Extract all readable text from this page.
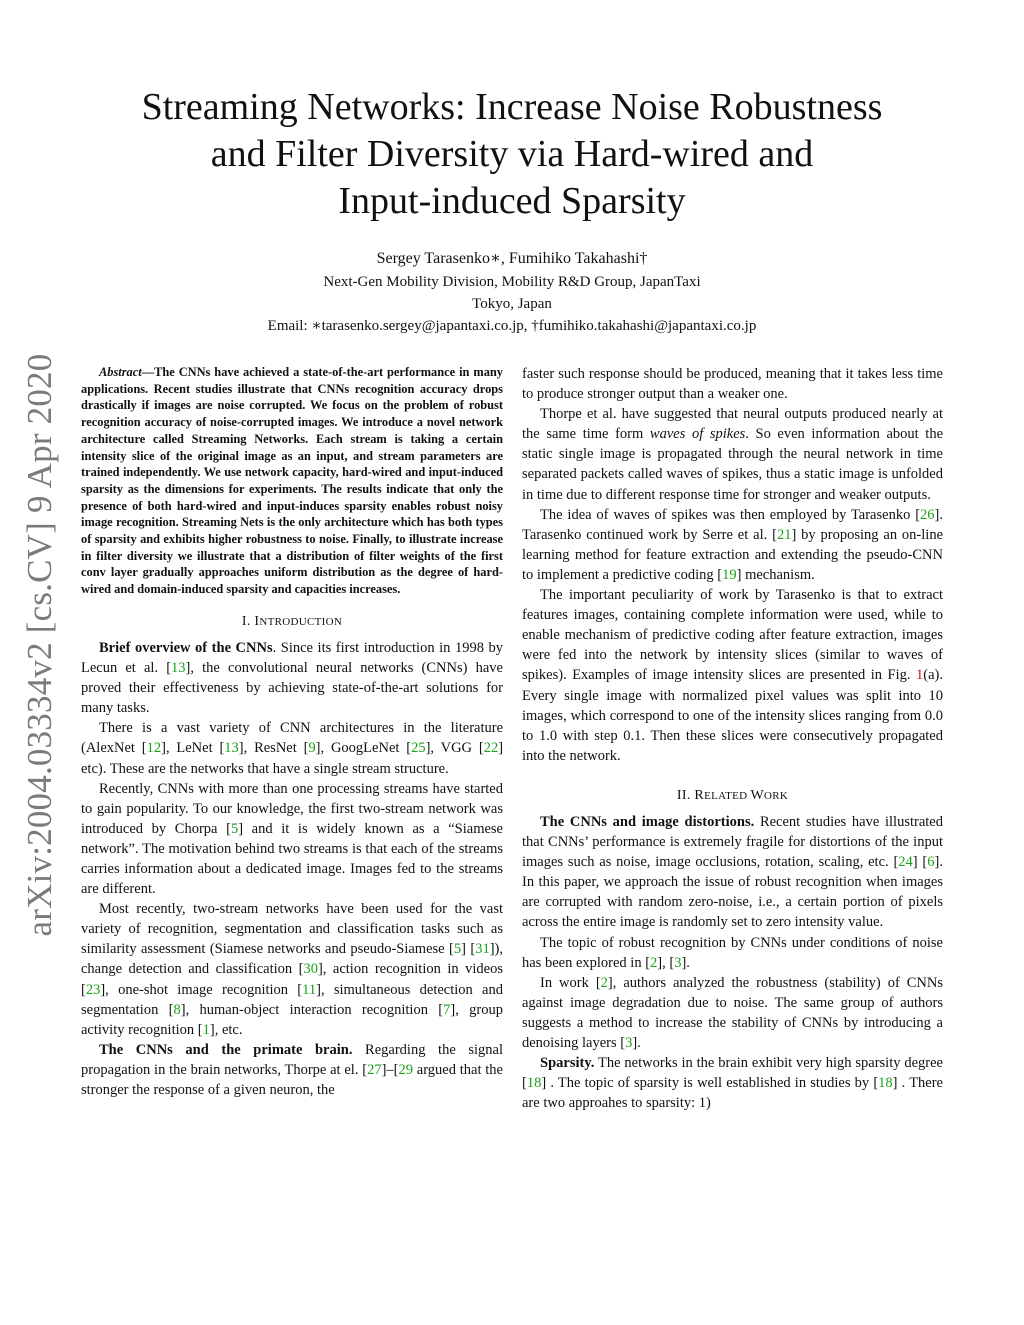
Streaming Networks: Increase Noise Robustness
and Filter Diversity via Hard-wired and
Input-induced Sparsity
Sergey Tarasenko∗, Fumihiko Takahashi†
Next-Gen Mobility Division, Mobility R&D Group, JapanTaxi
Tokyo, Japan
Email: ∗tarasenko.sergey@japantaxi.co.jp, †fumihiko.takahashi@japantaxi.co.jp
arXiv:2004.03334v2 [cs.CV] 9 Apr 2020	Abstract—The CNNs have achieved a state-of-the-art performance in many applications. Recent studies illustrate that CNNs recognition accuracy drops drastically if images are noise corrupted. We focus on the problem of robust recognition accuracy of noise-corrupted images. We introduce a novel network architecture called Streaming Networks. Each stream is taking a certain intensity slice of the original image as an input, and stream parameters are trained independently. We use network capacity, hard-wired and input-induced sparsity as the dimensions for experiments. The results indicate that only the presence of both hard-wired and input-induces sparsity enables robust noisy image recognition. Streaming Nets is the only architecture which has both types of sparsity and exhibits higher robustness to noise. Finally, to illustrate increase in filter diversity we illustrate that a distribution of filter weights of the first conv layer gradually approaches uniform distribution as the degree of hard-wired and domain-induced sparsity and capacities increases.

I. INTRODUCTION

Brief overview of the CNNs. Since its first introduction in 1998 by Lecun et al. [13], the convolutional neural networks (CNNs) have proved their effectiveness by achieving state-of-the-art solutions for many tasks.

There is a vast variety of CNN architectures in the literature (AlexNet [12], LeNet [13], ResNet [9], GoogLeNet [25], VGG [22] etc). These are the networks that have a single stream structure.

Recently, CNNs with more than one processing streams have started to gain popularity. To our knowledge, the first two-stream network was introduced by Chorpa [5] and it is widely known as a “Siamese network”. The motivation behind two streams is that each of the streams carries information about a dedicated image. Images fed to the streams are different.

Most recently, two-stream networks have been used for the vast variety of recognition, segmentation and classification tasks such as similarity assessment (Siamese networks and pseudo-Siamese [5] [31]), change detection and classification [30], action recognition in videos [23], one-shot image recognition [11], simultaneous detection and segmentation [8], human-object interaction recognition [7], group activity recognition [1], etc.

The CNNs and the primate brain. Regarding the signal propagation in the brain networks, Thorpe at el. [27]–[29 argued that the stronger the response of a given neuron, the

faster such response should be produced, meaning that it takes less time to produce stronger output than a weaker one.

Thorpe et al. have suggested that neural outputs produced nearly at the same time form waves of spikes. So even information about the static single image is propagated through the neural network in time separated packets called waves of spikes, thus a static image is unfolded in time due to different response time for stronger and weaker outputs.

The idea of waves of spikes was then employed by Tarasenko [26]. Tarasenko continued work by Serre et al. [21] by proposing an on-line learning method for feature extraction and extending the pseudo-CNN to implement a predictive coding [19] mechanism.

The important peculiarity of work by Tarasenko is that to extract features images, containing complete information were used, while to enable mechanism of predictive coding after feature extraction, images were fed into the network by intensity slices (similar to waves of spikes). Examples of image intensity slices are presented in Fig. 1(a). Every single image with normalized pixel values was split into 10 images, which correspond to one of the intensity slices ranging from 0.0 to 1.0 with step 0.1. Then these slices were consecutively propagated into the network.

II. RELATED WORK

The CNNs and image distortions. Recent studies have illustrated that CNNs’ performance is extremely fragile for distortions of the input images such as noise, image occlusions, rotation, scaling, etc. [24] [6]. In this paper, we approach the issue of robust recognition when images are corrupted with random zero-noise, i.e., a certain portion of pixels across the entire image is randomly set to zero intensity value.

The topic of robust recognition by CNNs under conditions of noise has been explored in [2], [3].

In work [2], authors analyzed the robustness (stability) of CNNs against image degradation due to noise. The same group of authors suggests a method to increase the stability of CNNs by introducing a denoising layers [3].

Sparsity. The networks in the brain exhibit very high sparsity degree [18] . The topic of sparsity is well established in studies by [18] . There are two approahes to sparsity: 1)
